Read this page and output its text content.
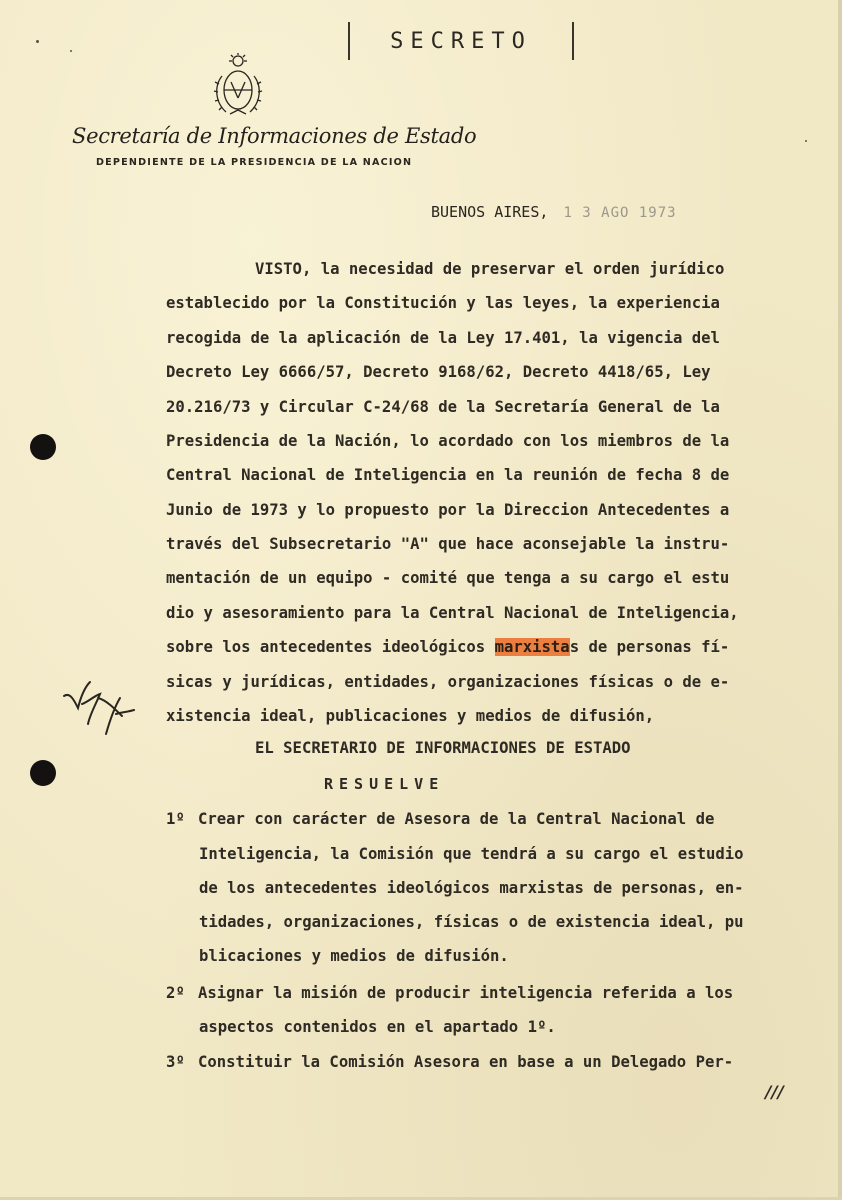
SECRETO
Secretaría de Informaciones de Estado
DEPENDIENTE DE LA PRESIDENCIA DE LA NACION
BUENOS AIRES, 1 3 AGO 1973
VISTO, la necesidad de preservar el orden jurídico
establecido por la Constitución y las leyes, la experiencia
recogida de la aplicación de la Ley 17.401, la vigencia del
Decreto Ley 6666/57, Decreto 9168/62, Decreto 4418/65, Ley
20.216/73 y Circular C-24/68 de la Secretaría General de la
Presidencia de la Nación, lo acordado con los miembros de la
Central Nacional de Inteligencia en la reunión de fecha 8 de
Junio de 1973 y lo propuesto por la Direccion Antecedentes a
través del Subsecretario "A" que hace aconsejable la instru-
mentación de un equipo - comité que tenga a su cargo el estu
dio y asesoramiento para la Central Nacional de Inteligencia,
sobre los antecedentes ideológicos marxistas de personas fí-
sicas y jurídicas, entidades, organizaciones físicas o de e-
xistencia ideal, publicaciones y medios de difusión,
EL SECRETARIO DE INFORMACIONES DE ESTADO
RESUELVE
1º Crear con carácter de Asesora de la Central Nacional de
Inteligencia, la Comisión que tendrá a su cargo el estudio
de los antecedentes ideológicos marxistas de personas, en-
tidades, organizaciones, físicas o de existencia ideal, pu
blicaciones y medios de difusión.
2º Asignar la misión de producir inteligencia referida a los
aspectos contenidos en el apartado 1º.
3º Constituir la Comisión Asesora en base a un Delegado Per-
///
